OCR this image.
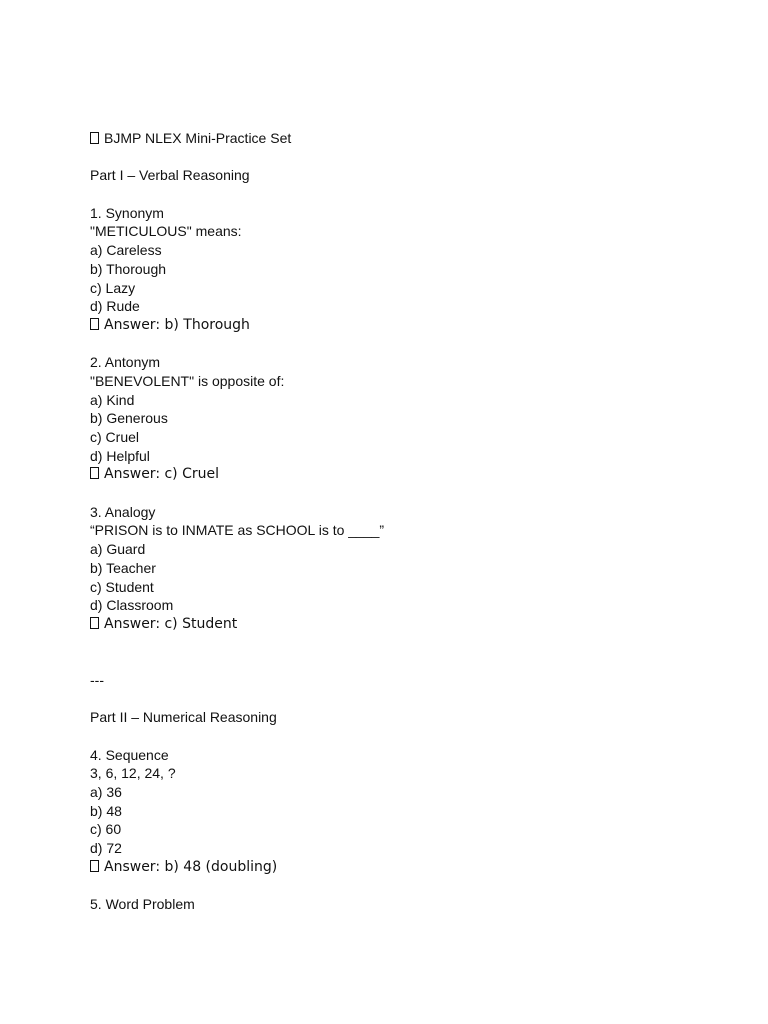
BJMP NLEX Mini-Practice Set
Part I – Verbal Reasoning
1. Synonym
"METICULOUS" means:
a) Careless
b) Thorough
c) Lazy
d) Rude
Answer: b) Thorough
2. Antonym
"BENEVOLENT" is opposite of:
a) Kind
b) Generous
c) Cruel
d) Helpful
Answer: c) Cruel
3. Analogy
“PRISON is to INMATE as SCHOOL is to ____”
a) Guard
b) Teacher
c) Student
d) Classroom
Answer: c) Student
---
Part II – Numerical Reasoning
4. Sequence
3, 6, 12, 24, ?
a) 36
b) 48
c) 60
d) 72
Answer: b) 48 (doubling)
5. Word Problem
